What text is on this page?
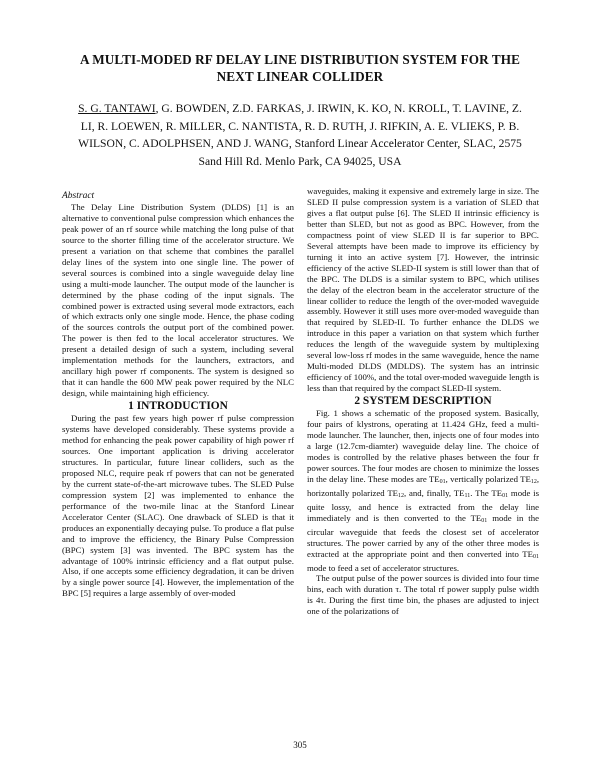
A MULTI-MODED RF DELAY LINE DISTRIBUTION SYSTEM FOR THE
NEXT LINEAR COLLIDER
S. G. TANTAWI, G. BOWDEN, Z.D. FARKAS, J. IRWIN, K. KO, N. KROLL, T. LAVINE, Z.
LI, R. LOEWEN, R. MILLER, C. NANTISTA, R. D. RUTH, J. RIFKIN, A. E. VLIEKS, P. B.
WILSON, C. ADOLPHSEN, AND J. WANG, Stanford Linear Accelerator Center, SLAC, 2575
Sand Hill Rd. Menlo Park, CA 94025, USA

Abstract

The Delay Line Distribution System (DLDS) [1] is an alternative to conventional pulse compression which enhances the peak power of an rf source while matching the long pulse of that source to the shorter filling time of the accelerator structure. We present a variation on that scheme that combines the parallel delay lines of the system into one single line. The power of several sources is combined into a single waveguide delay line using a multi-mode launcher. The output mode of the launcher is determined by the phase coding of the input signals. The combined power is extracted using several mode extractors, each of which extracts only one single mode. Hence, the phase coding of the sources controls the output port of the combined power. The power is then fed to the local accelerator structures. We present a detailed design of such a system, including several implementation methods for the launchers, extractors, and ancillary high power rf components. The system is designed so that it can handle the 600 MW peak power required by the NLC design, while maintaining high efficiency.

1 INTRODUCTION

During the past few years high power rf pulse compression systems have developed considerably. These systems provide a method for enhancing the peak power capability of high power rf sources. One important application is driving accelerator structures. In particular, future linear colliders, such as the proposed NLC, require peak rf powers that can not be generated by the current state-of-the-art microwave tubes. The SLED Pulse compression system [2] was implemented to enhance the performance of the two-mile linac at the Stanford Linear Accelerator Center (SLAC). One drawback of SLED is that it produces an exponentially decaying pulse. To produce a flat pulse and to improve the efficiency, the Binary Pulse Compression (BPC) system [3] was invented. The BPC system has the advantage of 100% intrinsic efficiency and a flat output pulse. Also, if one accepts some efficiency degradation, it can be driven by a single power source [4]. However, the implementation of the BPC [5] requires a large assembly of over-moded

waveguides, making it expensive and extremely large in size. The SLED II pulse compression system is a variation of SLED that gives a flat output pulse [6]. The SLED II intrinsic efficiency is better than SLED, but not as good as BPC. However, from the compactness point of view SLED II is far superior to BPC. Several attempts have been made to improve its efficiency by turning it into an active system [7]. However, the intrinsic efficiency of the active SLED-II system is still lower than that of the BPC. The DLDS is a similar system to BPC, which utilises the delay of the electron beam in the accelerator structure of the linear collider to reduce the length of the over-moded waveguide assembly. However it still uses more over-moded waveguide than that required by SLED-II. To further enhance the DLDS we introduce in this paper a variation on that system which further reduces the length of the waveguide system by multiplexing several low-loss rf modes in the same waveguide, hence the name Multi-moded DLDS (MDLDS). The system has an intrinsic efficiency of 100%, and the total over-moded waveguide length is less than that required by the compact SLED-II system.

2 SYSTEM DESCRIPTION

Fig. 1 shows a schematic of the proposed system. Basically, four pairs of klystrons, operating at 11.424 GHz, feed a multi-mode launcher. The launcher, then, injects one of four modes into a large (12.7cm-diamter) waveguide delay line. The choice of modes is controlled by the relative phases between the four fr power sources. The four modes are chosen to minimize the losses in the delay line. These modes are $TE_{01}$, vertically polarized $TE_{12}$, horizontally polarized $TE_{12}$, and, finally, $TE_{11}$. The $TE_{01}$ mode is quite lossy, and hence is extracted from the delay line immediately and is then converted to the $TE_{01}$ mode in the circular waveguide that feeds the closest set of accelerator structures. The power carried by any of the other three modes is extracted at the appropriate point and then converted into $TE_{01}$ mode to feed a set of accelerator structures.

The output pulse of the power sources is divided into four time bins, each with duration τ. The total rf power supply pulse width is 4τ. During the first time bin, the phases are adjusted to inject one of the polarizations of

305
